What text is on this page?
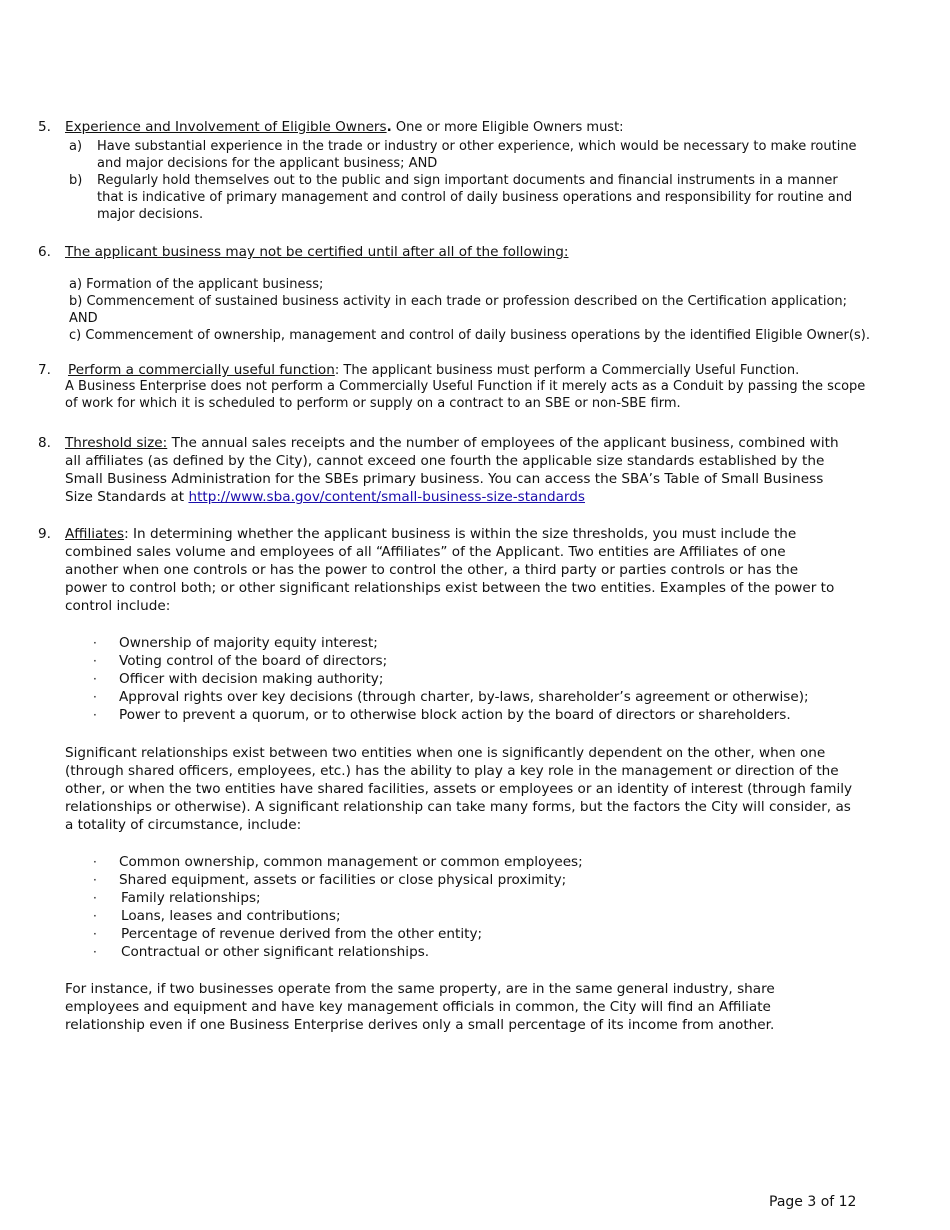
5. Experience and Involvement of Eligible Owners. One or more Eligible Owners must:
a) Have substantial experience in the trade or industry or other experience, which would be necessary to make routine
and major decisions for the applicant business; AND
b) Regularly hold themselves out to the public and sign important documents and financial instruments in a manner
that is indicative of primary management and control of daily business operations and responsibility for routine and
major decisions.
6. The applicant business may not be certified until after all of the following:
a) Formation of the applicant business;
b) Commencement of sustained business activity in each trade or profession described on the Certification application;
AND
c) Commencement of ownership, management and control of daily business operations by the identified Eligible Owner(s).
7. Perform a commercially useful function: The applicant business must perform a Commercially Useful Function.
A Business Enterprise does not perform a Commercially Useful Function if it merely acts as a Conduit by passing the scope
of work for which it is scheduled to perform or supply on a contract to an SBE or non-SBE firm.
8. Threshold size: The annual sales receipts and the number of employees of the applicant business, combined with
all affiliates (as defined by the City), cannot exceed one fourth the applicable size standards established by the
Small Business Administration for the SBEs primary business. You can access the SBA’s Table of Small Business
Size Standards at http://www.sba.gov/content/small-business-size-standards
9. Affiliates: In determining whether the applicant business is within the size thresholds, you must include the
combined sales volume and employees of all “Affiliates” of the Applicant. Two entities are Affiliates of one
another when one controls or has the power to control the other, a third party or parties controls or has the
power to control both; or other significant relationships exist between the two entities. Examples of the power to
control include:
· Ownership of majority equity interest;
· Voting control of the board of directors;
· Officer with decision making authority;
· Approval rights over key decisions (through charter, by-laws, shareholder’s agreement or otherwise);
· Power to prevent a quorum, or to otherwise block action by the board of directors or shareholders.
Significant relationships exist between two entities when one is significantly dependent on the other, when one
(through shared officers, employees, etc.) has the ability to play a key role in the management or direction of the
other, or when the two entities have shared facilities, assets or employees or an identity of interest (through family
relationships or otherwise). A significant relationship can take many forms, but the factors the City will consider, as
a totality of circumstance, include:
· Common ownership, common management or common employees;
· Shared equipment, assets or facilities or close physical proximity;
· Family relationships;
· Loans, leases and contributions;
· Percentage of revenue derived from the other entity;
· Contractual or other significant relationships.
For instance, if two businesses operate from the same property, are in the same general industry, share
employees and equipment and have key management officials in common, the City will find an Affiliate
relationship even if one Business Enterprise derives only a small percentage of its income from another.
Page 3 of 12
